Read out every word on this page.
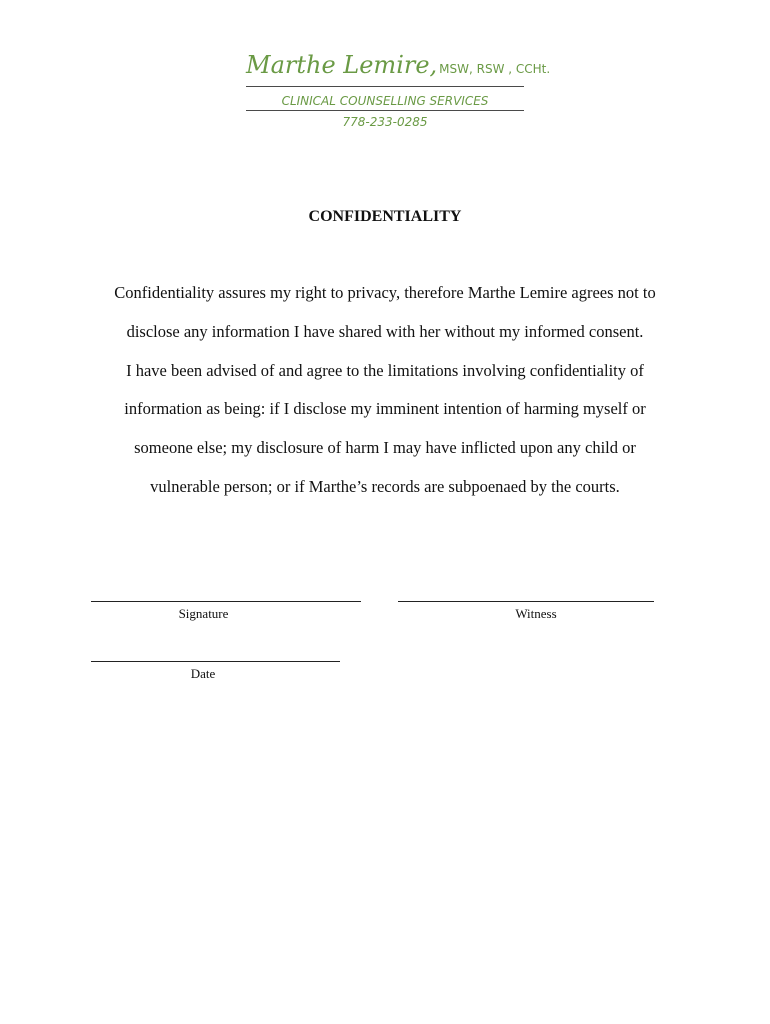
Marthe Lemire, MSW, RSW , CCHt.
CLINICAL COUNSELLING SERVICES
778-233-0285
CONFIDENTIALITY
Confidentiality assures my right to privacy, therefore Marthe Lemire agrees not to
disclose any information I have shared with her without my informed consent.
I have been advised of and agree to the limitations involving confidentiality of
information as being: if I disclose my imminent intention of harming myself or
someone else; my disclosure of harm I may have inflicted upon any child or
vulnerable person; or if Marthe’s records are subpoenaed by the courts.
Signature	Witness
Date
